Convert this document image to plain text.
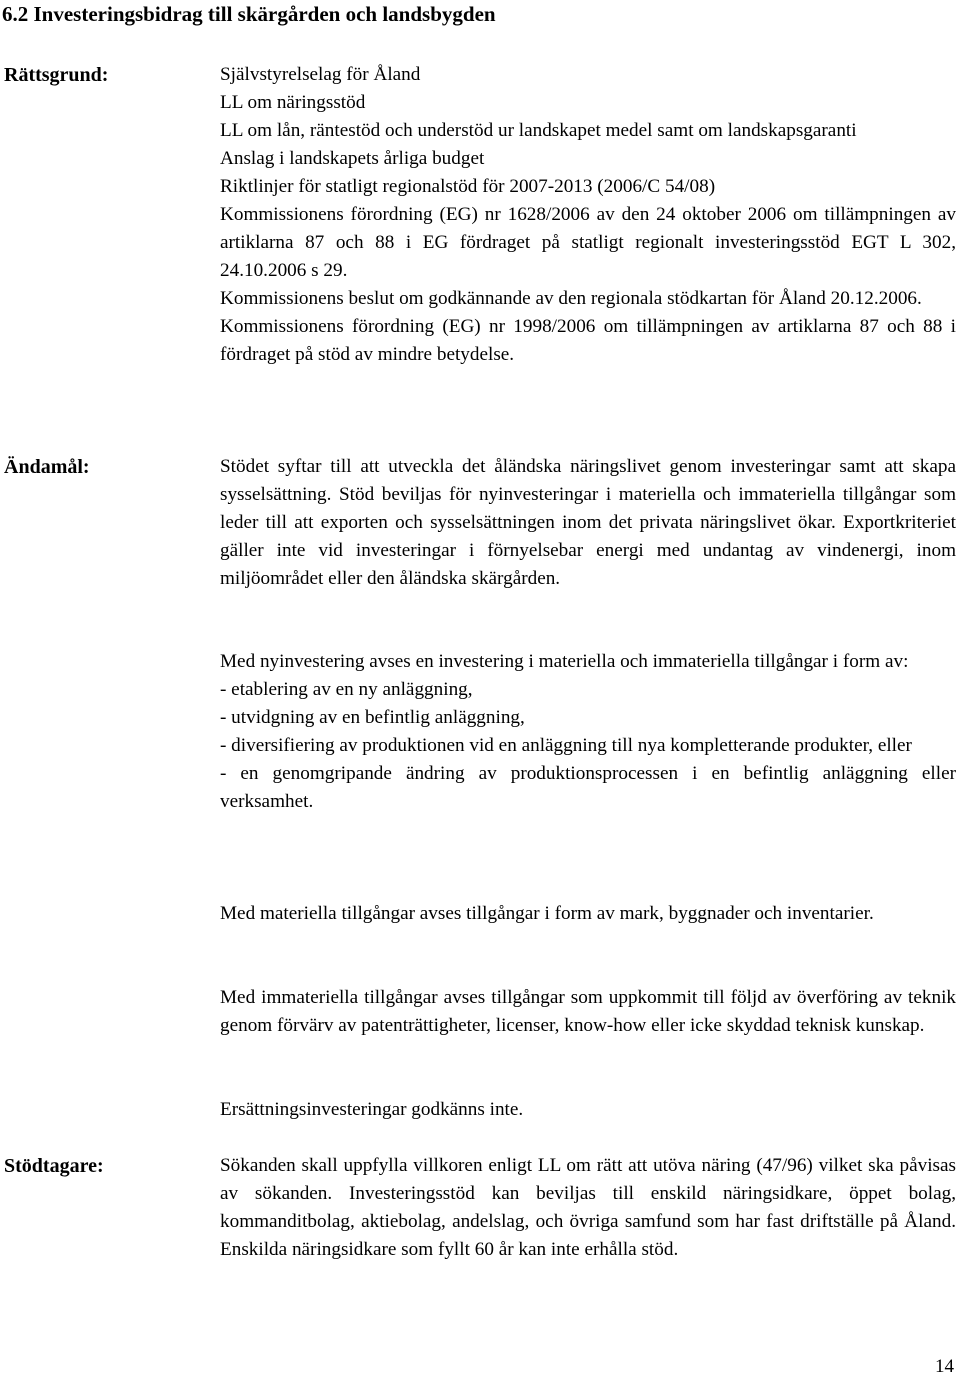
6.2 Investeringsbidrag till skärgården och landsbygden
Rättsgrund:	Självstyrelselag för Åland
LL om näringsstöd
LL om lån, räntestöd och understöd ur landskapet medel samt om landskapsgaranti
Anslag i landskapets årliga budget
Riktlinjer för statligt regionalstöd för 2007-2013 (2006/C 54/08)
Kommissionens förordning (EG) nr 1628/2006 av den 24 oktober 2006 om tillämpningen av artiklarna 87 och 88 i EG fördraget på statligt regionalt investeringsstöd EGT L 302, 24.10.2006 s 29.
Kommissionens beslut om godkännande av den regionala stödkartan för Åland 20.12.2006.
Kommissionens förordning (EG) nr 1998/2006 om tillämpningen av artiklarna 87 och 88 i fördraget på stöd av mindre betydelse.
Ändamål:	Stödet syftar till att utveckla det åländska näringslivet genom investeringar samt att skapa sysselsättning. Stöd beviljas för nyinvesteringar i materiella och immateriella tillgångar som leder till att exporten och sysselsättningen inom det privata näringslivet ökar. Exportkriteriet gäller inte vid investeringar i förnyelsebar energi med undantag av vindenergi, inom miljöområdet eller den åländska skärgården.
Med nyinvestering avses en investering i materiella och immateriella tillgångar i form av:
- etablering av en ny anläggning,
- utvidgning av en befintlig anläggning,
- diversifiering av produktionen vid en anläggning till nya kompletterande produkter, eller
- en genomgripande ändring av produktionsprocessen i en befintlig anläggning eller verksamhet.
Med materiella tillgångar avses tillgångar i form av mark, byggnader och inventarier.
Med immateriella tillgångar avses tillgångar som uppkommit till följd av överföring av teknik genom förvärv av patenträttigheter, licenser, know-how eller icke skyddad teknisk kunskap.
Ersättningsinvesteringar godkänns inte.
Stödtagare:	Sökanden skall uppfylla villkoren enligt LL om rätt att utöva näring (47/96) vilket ska påvisas av sökanden. Investeringsstöd kan beviljas till enskild näringsidkare, öppet bolag, kommanditbolag, aktiebolag, andelslag, och övriga samfund som har fast driftställe på Åland. Enskilda näringsidkare som fyllt 60 år kan inte erhålla stöd.
14
